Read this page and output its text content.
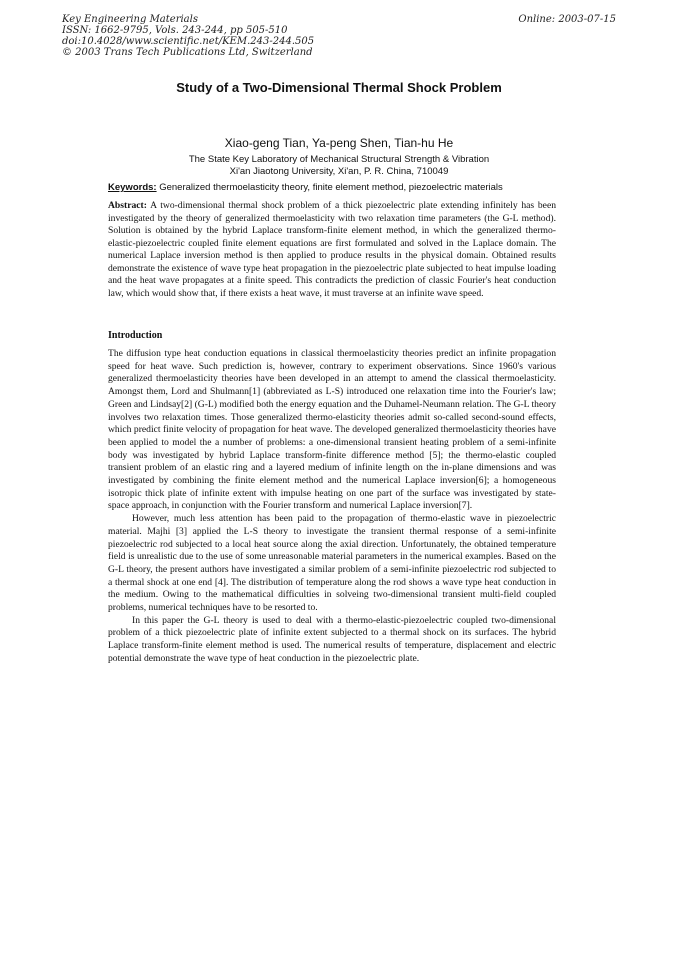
Key Engineering Materials
ISSN: 1662-9795, Vols. 243-244, pp 505-510
doi:10.4028/www.scientific.net/KEM.243-244.505
© 2003 Trans Tech Publications Ltd, Switzerland
Online: 2003-07-15
Study of a Two-Dimensional Thermal Shock Problem
Xiao-geng Tian, Ya-peng Shen, Tian-hu He
The State Key Laboratory of Mechanical Structural Strength & Vibration
Xi'an Jiaotong University, Xi'an, P. R. China, 710049
Keywords: Generalized thermoelasticity theory, finite element method, piezoelectric materials

Abstract: A two-dimensional thermal shock problem of a thick piezoelectric plate extending infinitely has been investigated by the theory of generalized thermoelasticity with two relaxation time parameters (the G-L method). Solution is obtained by the hybrid Laplace transform-finite element method, in which the generalized thermo-elastic-piezoelectric coupled finite element equations are first formulated and solved in the Laplace domain. The numerical Laplace inversion method is then applied to produce results in the physical domain. Obtained results demonstrate the existence of wave type heat propagation in the piezoelectric plate subjected to heat impulse loading and the heat wave propagates at a finite speed. This contradicts the prediction of classic Fourier's heat conduction law, which would show that, if there exists a heat wave, it must traverse at an infinite wave speed.

Introduction

The diffusion type heat conduction equations in classical thermoelasticity theories predict an infinite propagation speed for heat wave. Such prediction is, however, contrary to experiment observations. Since 1960's various generalized thermoelasticity theories have been developed in an attempt to amend the classical thermoelasticity. Amongst them, Lord and Shulmann[1] (abbreviated as L-S) introduced one relaxation time into the Fourier's law; Green and Lindsay[2] (G-L) modified both the energy equation and the Duhamel-Neumann relation. The G-L theory involves two relaxation times. Those generalized thermo-elasticity theories admit so-called second-sound effects, which predict finite velocity of propagation for heat wave. The developed generalized thermoelasticity theories have been applied to model the a number of problems: a one-dimensional transient heating problem of a semi-infinite body was investigated by hybrid Laplace transform-finite difference method [5]; the thermo-elastic coupled transient problem of an elastic ring and a layered medium of infinite length on the in-plane dimensions and was investigated by combining the finite element method and the numerical Laplace inversion[6]; a homogeneous isotropic thick plate of infinite extent with impulse heating on one part of the surface was investigated by state-space approach, in conjunction with the Fourier transform and numerical Laplace inversion[7].

However, much less attention has been paid to the propagation of thermo-elastic wave in piezoelectric material. Majhi [3] applied the L-S theory to investigate the transient thermal response of a semi-infinite piezoelectric rod subjected to a local heat source along the axial direction. Unfortunately, the obtained temperature field is unrealistic due to the use of some unreasonable material parameters in the numerical examples. Based on the G-L theory, the present authors have investigated a similar problem of a semi-infinite piezoelectric rod subjected to a thermal shock at one end [4]. The distribution of temperature along the rod shows a wave type heat conduction in the medium. Owing to the mathematical difficulties in solveing two-dimensional transient multi-field coupled problems, numerical techniques have to be resorted to.

In this paper the G-L theory is used to deal with a thermo-elastic-piezoelectric coupled two-dimensional problem of a thick piezoelectric plate of infinite extent subjected to a thermal shock on its surfaces. The hybrid Laplace transform-finite element method is used. The numerical results of temperature, displacement and electric potential demonstrate the wave type of heat conduction in the piezoelectric plate.
